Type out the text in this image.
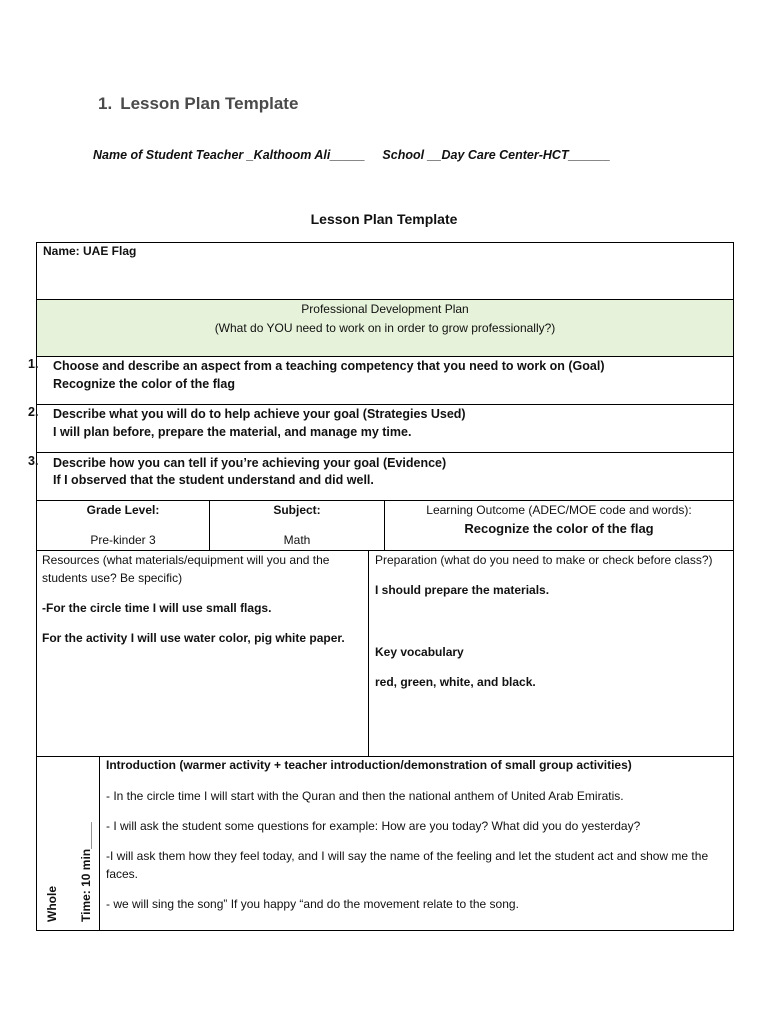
1. Lesson Plan Template
Name of Student Teacher _Kalthoom Ali_____     School __Day Care Center-HCT______
Lesson Plan Template
Name: UAE Flag
Professional Development Plan
(What do YOU need to work on in order to grow professionally?)
1. Choose and describe an aspect from a teaching competency that you need to work on (Goal)
Recognize the color of the flag
2. Describe what you will do to help achieve your goal (Strategies Used)
I will plan before, prepare the material, and manage my time.
3. Describe how you can tell if you’re achieving your goal (Evidence)
If I observed that the student understand and did well.
Grade Level:
Pre-kinder 3
Subject:
Math
Learning Outcome (ADEC/MOE code and words):
Recognize the color of the flag
Resources (what materials/equipment will you and the students use? Be specific)
-For the circle time I will use small flags.
For the activity I will use water color, pig white paper.
Preparation (what do you need to make or check before class?)
I should prepare the materials.
Key vocabulary
red, green, white, and black.
Whole Time: 10 min____
Introduction (warmer activity + teacher introduction/demonstration of small group activities)
- In the circle time I will start with the Quran and then the national anthem of United Arab Emiratis.
- I will ask the student some questions for example: How are you today? What did you do yesterday?
-I will ask them how they feel today, and I will say the name of the feeling and let the student act and show me the faces.
- we will sing the song” If you happy “and do the movement relate to the song.
